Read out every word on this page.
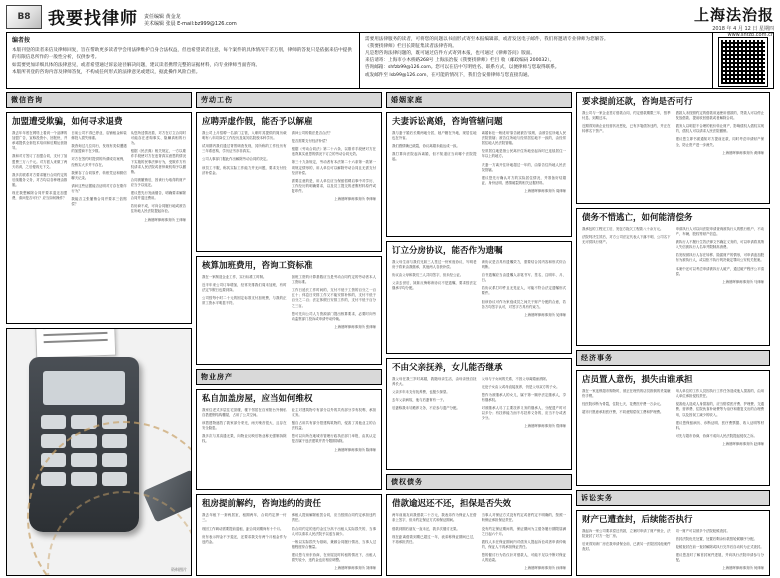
B8	我要找律师 责任编辑 黄金龙
美术编辑 张晨 E-mail:bz999@126.com	上海法治报
2018 年 4 月 12 日 星期四
www.shfzb.com.cn
编者按
本版刊登的读者来信及律师回复，旨在帮助更多读者学会用法律维护自身合法权益，但也希望读者注意，每个案件的具体情况千差万别，律师的答复只是依据来信中提供的有限信息所作的一般性分析，仅供参考。
如需要更加详细具体的法律意见，或者希望通过诉讼途径解决问题，建议读者携带完整的证据材料，向专业律师当面咨询。
本版所刊登的咨询内容及律师答复，不构成任何形式的法律意见或建议，据此操作风险自担。
需要用法律服务的读者，可将您的问题以书面形式寄至本报编辑部，或者发送电子邮件，我们将邀请专业律师为您解答。
《我要找律师》栏目长期征集读者法律咨询。
凡是想咨询法律问题的，既可通过信件方式寄到本报，也可通过《律师答问》版面。
来信请寄：上海市小木桥路268号 上海法治报《我要找律师》栏目 收（邮政编码 200032）。
咨询邮箱：shfzb99@126.com。您可以在信中写明姓名、联系方式，以便律师与您取得联系。
或发邮件至 lsb99@126.com，在可能的情况下，我们会安排律师与您直接沟通。
微信咨询
加盟遭受欺骗，如何寻求退费

我去年年底在网络上看到一个品牌的加盟广告，宣称投资小、回报快，并承诺提供全套技术培训和后期运营指导。

我和对方签订了加盟合同，支付了加盟费三万八千元。对方派人来做了两天培训，之后便再无下文。

我多次联系对方要求履行合同约定的后续服务义务，对方均以各种理由推脱。

现在我想解除合同并要求退还加盟费，请问是否可行？应当如何操作？

日前公司不得已停业，店铺租金和装修投入损失惨重。

我咨询过几位同行，发现有类似遭遇的加盟商不在少数。

对方在签约时提供的所谓成功案例，经核实大多并不存在。

我保存了合同原件、转账凭证和微信聊天记录。

请问这些证据能否证明对方存在欺诈行为？

我能否主张撤销合同并要求三倍赔偿？

从您所述情况看，对方在订立合同时可能存在虚构事实、隐瞒真相的行为。

根据《民法典》相关规定，一方以欺诈手段使对方在违背真实意思的情况下实施的民事法律行为，受欺诈方有权请求人民法院或者仲裁机构予以撤销。

合同被撤销后，因该行为取得的财产应当予以返还。

建议您先行发函催告，明确要求解除合同并退还费用。

若协商不成，可向合同履行地或被告住所地人民法院提起诉讼。

上海晨晖律师事务所 王律师
资料图片
劳动工伤
应聘弄虚作假，能否予以解雇

我公司上月招聘一名部门主管，入职时其提供的简历载明有八年同岗位工作经历及某知名院校本科学历。

试用期内我们通过背景调查发现，其所称的工作经历有三年系虚构，学历证书亦非真实。

公司人事部门据此作出解除劳动合同的决定。

该员工不服，称其实际工作能力并无问题，要求支付经济补偿金。

请问公司的做法是否合法？

是否需要支付经济补偿？

根据《劳动合同法》第二十六条，以欺诈手段使对方在违背真实意思的情况下订立的劳动合同无效。

第三十九条规定，劳动者有本法第二十六条第一款第一项规定情形的，用人单位可以解除劳动合同且无需支付经济补偿。

需要注意的是，用人单位应当保留招聘启事中对学历、工作经历的明确要求，以及员工提交的虚假材料原件或复印件。

上海晨晖律师事务所 李律师
核算加班费用，咨询工资标准

我在一家制造企业工作，实行标准工时制。

近半年来公司订单增加，经常安排我们周末加班，有时法定节假日也要到岗。

公司按每小时二十元的固定标准支付加班费，与我的正常工资水平明显不符。

加班工资的计算基数应当是劳动合同约定的劳动者本人工资标准。

工作日延长工作时间的，支付不低于工资的百分之一百五十；休息日安排工作又不能安排补休的，支付不低于百分之二百；法定休假日安排工作的，支付不低于百分之三百。

您可先向公司人力资源部门提出核算要求，必要时向劳动监察部门投诉或申请劳动仲裁。

上海晨晖律师事务所 张律师
物业房产
私自加盖房屋，应当如何维权

我家住老式多层住宅顶楼，楼下邻居在自家阳台外侧私自搭建钢结构棚屋，占用了公共空间。

该搭建物遮挡了我家部分采光，雨天噪音很大，且存在安全隐患。

我多次与其沟通无果，向物业反映后物业称无强制拆除权。

业主对建筑物专有部分以外的共有部分享有权利、承担义务。

擅自占用共有部分搭建构筑物的，侵害了其他业主的合法权益。

您可以向所在地城市管理行政执法部门举报，由其认定是否属于违法建筑并责令限期拆除。

上海晨晖律师事务所 陈律师
租房提前解约，咨询违约的责任

我去年租下一套两居室，租期两年，合同约定押一付三。

现因工作调动需要提前退租，距合同到期尚有十个月。

房东表示押金不予退还，还要求我支付两个月租金作为违约金。

承租人提前解除租赁合同，应当按照合同约定承担违约责任。

若合同约定的违约金过分高于出租人实际损失的，当事人可以请求人民法院予以适当减少。

一般以实际损失为基础，兼顾合同履行情况、当事人过错程度综合衡量。

建议您与房东协商，在房屋及时转租的情况下，出租人损失较小，违约金也应相应调整。

上海晨晖律师事务所 刘律师
婚姻家庭
夫妻诉讼离婚，咨询管辖问题

我与妻子婚后长期两地分居，她户籍在外地，现居住地也在外省。

我们感情确已破裂，协议离婚未能达成一致。

我打算向法院起诉离婚，但不知道应当向哪个法院提起。

离婚诉讼一般适用'原告就被告'原则，由被告住所地人民法院管辖；被告住所地与经常居住地不一致的，由经常居住地人民法院管辖。

经常居住地是指公民离开住所地至起诉时已连续居住一年以上的地方。

夫妻一方离开住所地超过一年的，由原告住所地人民法院管辖。

建议您先行确认对方的实际居住情况，并准备好结婚证、身份证明、感情破裂的相关证据材料。

上海晨晖律师事务所 周律师
订立分房协议，能否作为遗嘱

我父母生前与我们兄妹三人签过一份家庭协议，写明老房子将来由我继承，其他两人各获补偿。

协议由父母和我们三人共同签字，但未经公证。

父亲去世后，妹妹反悔称该协议不是遗嘱，要求按法定继承平均分配。

该协议是否具有遗嘱效力，需要结合其内容和形式综合判断。

自书遗嘱应当由遗嘱人亲笔书写、签名，注明年、月、日。

若协议系打印件且无见证人，可能不符合法定遗嘱形式要件。

但该协议可作为家庭成员之间关于财产分配的合意，若各方均签字认可，对签字方具有约束力。

上海晨晖律师事务所 吴律师
不由父亲抚养，女儿能否继承

我父母在我三岁时离婚，我随母亲生活，由母亲独自抚养长大。

父亲多年未支付抚养费，也极少探望。

去年父亲病故，他与后妻育有一子。

后妻称我未尽赡养义务，不应参与遗产分配。

父母与子女间的关系，不因父母离婚而消除。

无论子女由父或母直接抚养，仍是父母双方的子女。

您作为被继承人的女儿，属于第一顺序法定继承人，享有继承权。

对被继承人尽了主要扶养义务的继承人，分配遗产时可以多分；有扶养能力而不尽扶养义务的，应当不分或者少分。

上海晨晖律师事务所 郑律师
债权债务
借款逾迟还不还，担保是否失效

两年前朋友向我借款二十万元，我表弟作为保证人在借条上签字，但未约定保证方式和保证期间。

借款到期后朋友一直未还，我多次催讨无果。

现在距离借款到期已超过一年，表弟称保证期间已过，不再承担责任。

当事人对保证方式没有约定或者约定不明确的，按照一般保证承担保证责任。

没有约定保证期间的，保证期间为主债务履行期限届满之日起六个月。

债权人未在保证期间内对债务人提起诉讼或者申请仲裁的，保证人不再承担保证责任。

您的催讨行为若仅针对借款人，可能不足以中断对保证人的追索。

上海晨晖律师事务所 孙律师
要求提前还款，咨询是否可行

我公司与一家企业签订借款合同，约定借款期限三年，按季付息、到期还本。

近期得知该企业经营状况恶化，已有多笔债务违约，并正在转移名下资产。

借款人未按照约定的借款用途使用借款的，贷款人可以停止发放借款、提前收回借款或者解除合同。

债务人以明显不合理的低价转让财产，影响债权人债权实现的，债权人可以请求人民法院撤销。

建议您立即书面通知对方提前还款，同时考虑申请财产保全，防止资产进一步流失。

上海晨晖律师事务所 黄律师
债务不惜逃亡，如何能清偿务

我承包的工程完工后，发包方拖欠工程款八十余万元。

法院判决生效后，对方公司法定代表人下落不明，公司名下无可供执行财产。

申请执行人可以向法院申请查询被执行人的银行账户、不动产、车辆、股权等财产信息。

被执行人不履行生效法律文书确定义务的，可以申请将其纳入失信被执行人名单并限制高消费。

若发现被执行人存在转移、隐匿财产的情形，可申请追加股东为被执行人，或以拒不执行判决裁定罪向公安机关报案。

本案中还可以考虑申请被执行人破产，通过破产程序公平清偿。

上海晨晖律师事务所 马律师
经济事务
店员置人意伤，损失由谁承担

我在一家连锁超市购物时，被正在理货的店员推倒的货架砸伤手臂。

经医院诊断为骨裂，住院七天，花费医疗费一万余元。

超市只愿意承担医疗费，不同意赔偿误工费和护理费。

用人单位的工作人员因执行工作任务造成他人损害的，由用人单位承担侵权责任。

侵害他人造成人身损害的，应当赔偿医疗费、护理费、交通费、营养费、住院伙食补助费等为治疗和康复支出的合理费用，以及因误工减少的收入。

建议您保留病历、诊断证明、医疗费票据、收入证明等材料。

可先与超市协商，协商不成向人民法院提起侵权之诉。

上海晨晖律师事务所 赵律师
诉讼实务
财产已遭查封，后续能否执行

我起诉一家公司要求偿还货款，立案时申请了财产保全，法院查封了对方一处厂房。

后来得知该厂房在我申请保全前，已被另一法院因其他案件查封。

同一财产可以被多个法院轮候查封。

首封法院优先处置，处置后剩余价款按轮候顺序分配。

轮候查封在前一查封解除或执行完毕后自动转为正式查封。

建议您及时了解首封案件进展，并向执行法院申请参与分配。

上海晨晖律师事务所 何律师
